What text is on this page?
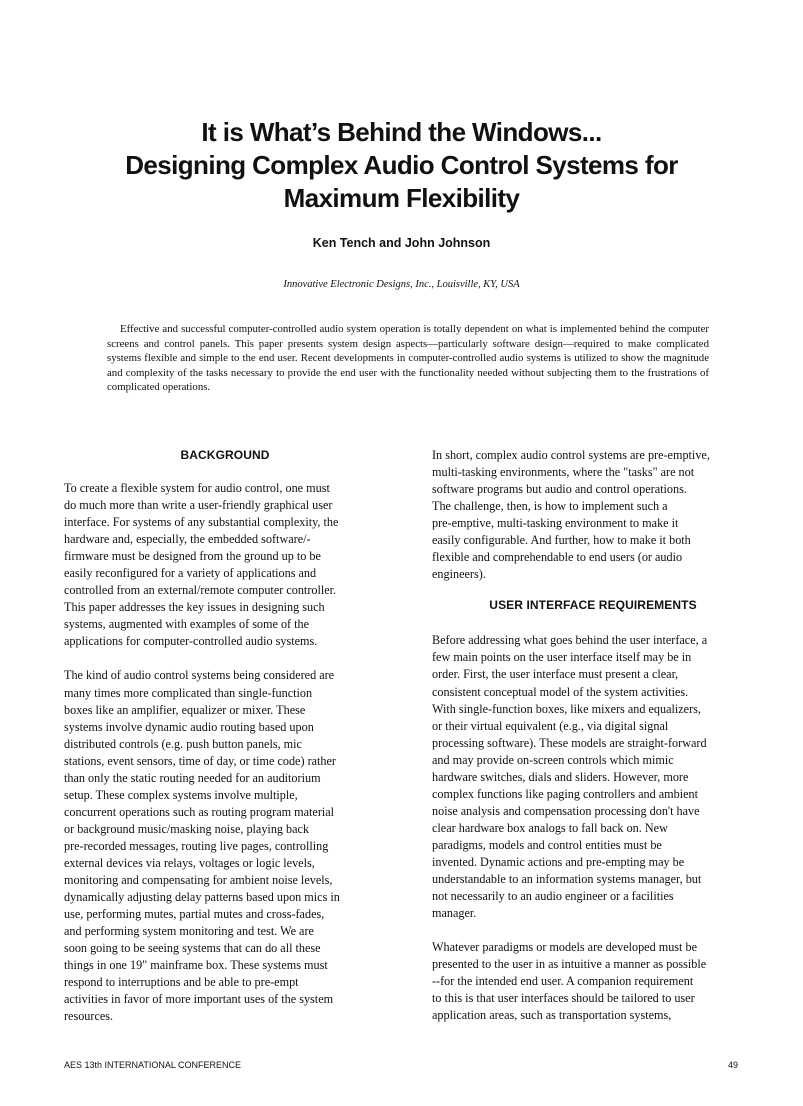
It is What’s Behind the Windows...
Designing Complex Audio Control Systems for
Maximum Flexibility
Ken Tench and John Johnson
Innovative Electronic Designs, Inc., Louisville, KY, USA
Effective and successful computer-controlled audio system operation is totally dependent on what is implemented behind the computer screens and control panels. This paper presents system design aspects—particularly software design—required to make complicated systems flexible and simple to the end user. Recent developments in computer-controlled audio systems is utilized to show the magnitude and complexity of the tasks necessary to provide the end user with the functionality needed without subjecting them to the frustrations of complicated operations.
BACKGROUND
To create a flexible system for audio control, one must
do much more than write a user-friendly graphical user
interface. For systems of any substantial complexity, the
hardware and, especially, the embedded software/-
firmware must be designed from the ground up to be
easily reconfigured for a variety of applications and
controlled from an external/remote computer controller.
This paper addresses the key issues in designing such
systems, augmented with examples of some of the
applications for computer-controlled audio systems.
The kind of audio control systems being considered are
many times more complicated than single-function
boxes like an amplifier, equalizer or mixer. These
systems involve dynamic audio routing based upon
distributed controls (e.g. push button panels, mic
stations, event sensors, time of day, or time code) rather
than only the static routing needed for an auditorium
setup. These complex systems involve multiple,
concurrent operations such as routing program material
or background music/masking noise, playing back
pre-recorded messages, routing live pages, controlling
external devices via relays, voltages or logic levels,
monitoring and compensating for ambient noise levels,
dynamically adjusting delay patterns based upon mics in
use, performing mutes, partial mutes and cross-fades,
and performing system monitoring and test. We are
soon going to be seeing systems that can do all these
things in one 19" mainframe box. These systems must
respond to interruptions and be able to pre-empt
activities in favor of more important uses of the system
resources.
In short, complex audio control systems are pre-emptive,
multi-tasking environments, where the "tasks" are not
software programs but audio and control operations.
The challenge, then, is how to implement such a
pre-emptive, multi-tasking environment to make it
easily configurable. And further, how to make it both
flexible and comprehendable to end users (or audio
engineers).
USER INTERFACE REQUIREMENTS
Before addressing what goes behind the user interface, a
few main points on the user interface itself may be in
order. First, the user interface must present a clear,
consistent conceptual model of the system activities.
With single-function boxes, like mixers and equalizers,
or their virtual equivalent (e.g., via digital signal
processing software). These models are straight-forward
and may provide on-screen controls which mimic
hardware switches, dials and sliders. However, more
complex functions like paging controllers and ambient
noise analysis and compensation processing don't have
clear hardware box analogs to fall back on. New
paradigms, models and control entities must be
invented. Dynamic actions and pre-empting may be
understandable to an information systems manager, but
not necessarily to an audio engineer or a facilities
manager.
Whatever paradigms or models are developed must be
presented to the user in as intuitive a manner as possible
--for the intended end user. A companion requirement
to this is that user interfaces should be tailored to user
application areas, such as transportation systems,
AES 13th INTERNATIONAL CONFERENCE	49
